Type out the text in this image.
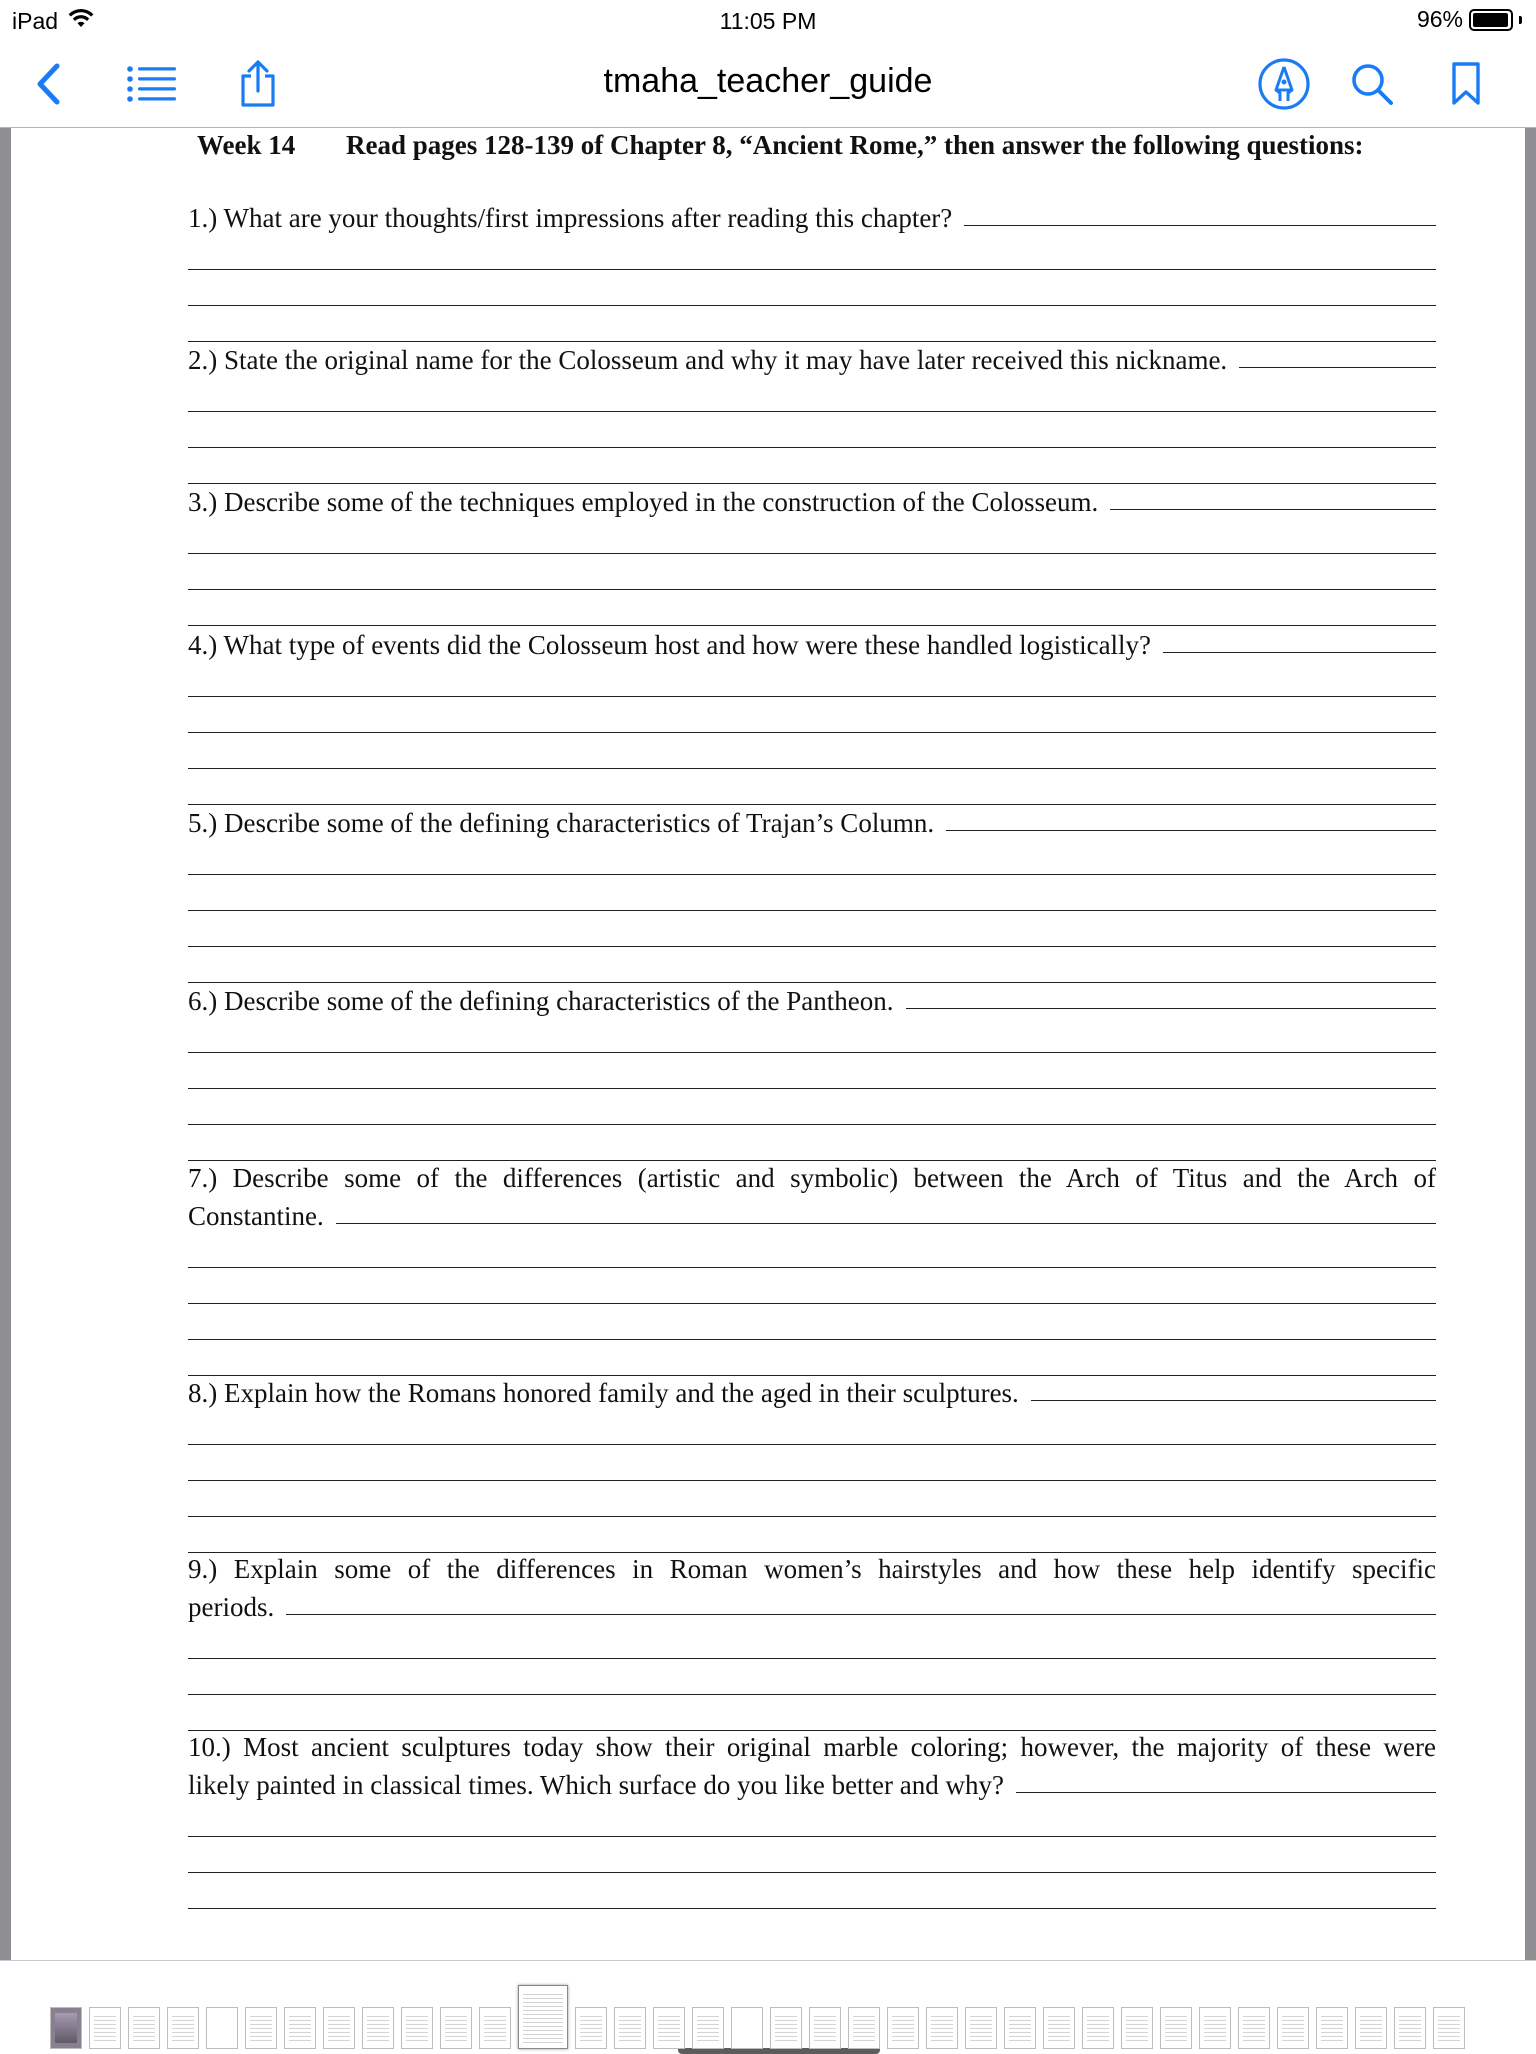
iPad	11:05 PM	96%
tmaha_teacher_guide
Week 14 Read pages 128-139 of Chapter 8, “Ancient Rome,” then answer the following questions:
1.) What are your thoughts/first impressions after reading this chapter?
2.) State the original name for the Colosseum and why it may have later received this nickname.
3.) Describe some of the techniques employed in the construction of the Colosseum.
4.) What type of events did the Colosseum host and how were these handled logistically?
5.) Describe some of the defining characteristics of Trajan’s Column.
6.) Describe some of the defining characteristics of the Pantheon.
7.) Describe some of the differences (artistic and symbolic) between the Arch of Titus and the Arch of
Constantine.
8.) Explain how the Romans honored family and the aged in their sculptures.
9.) Explain some of the differences in Roman women’s hairstyles and how these help identify specific
periods.
10.) Most ancient sculptures today show their original marble coloring; however, the majority of these were
likely painted in classical times. Which surface do you like better and why?
